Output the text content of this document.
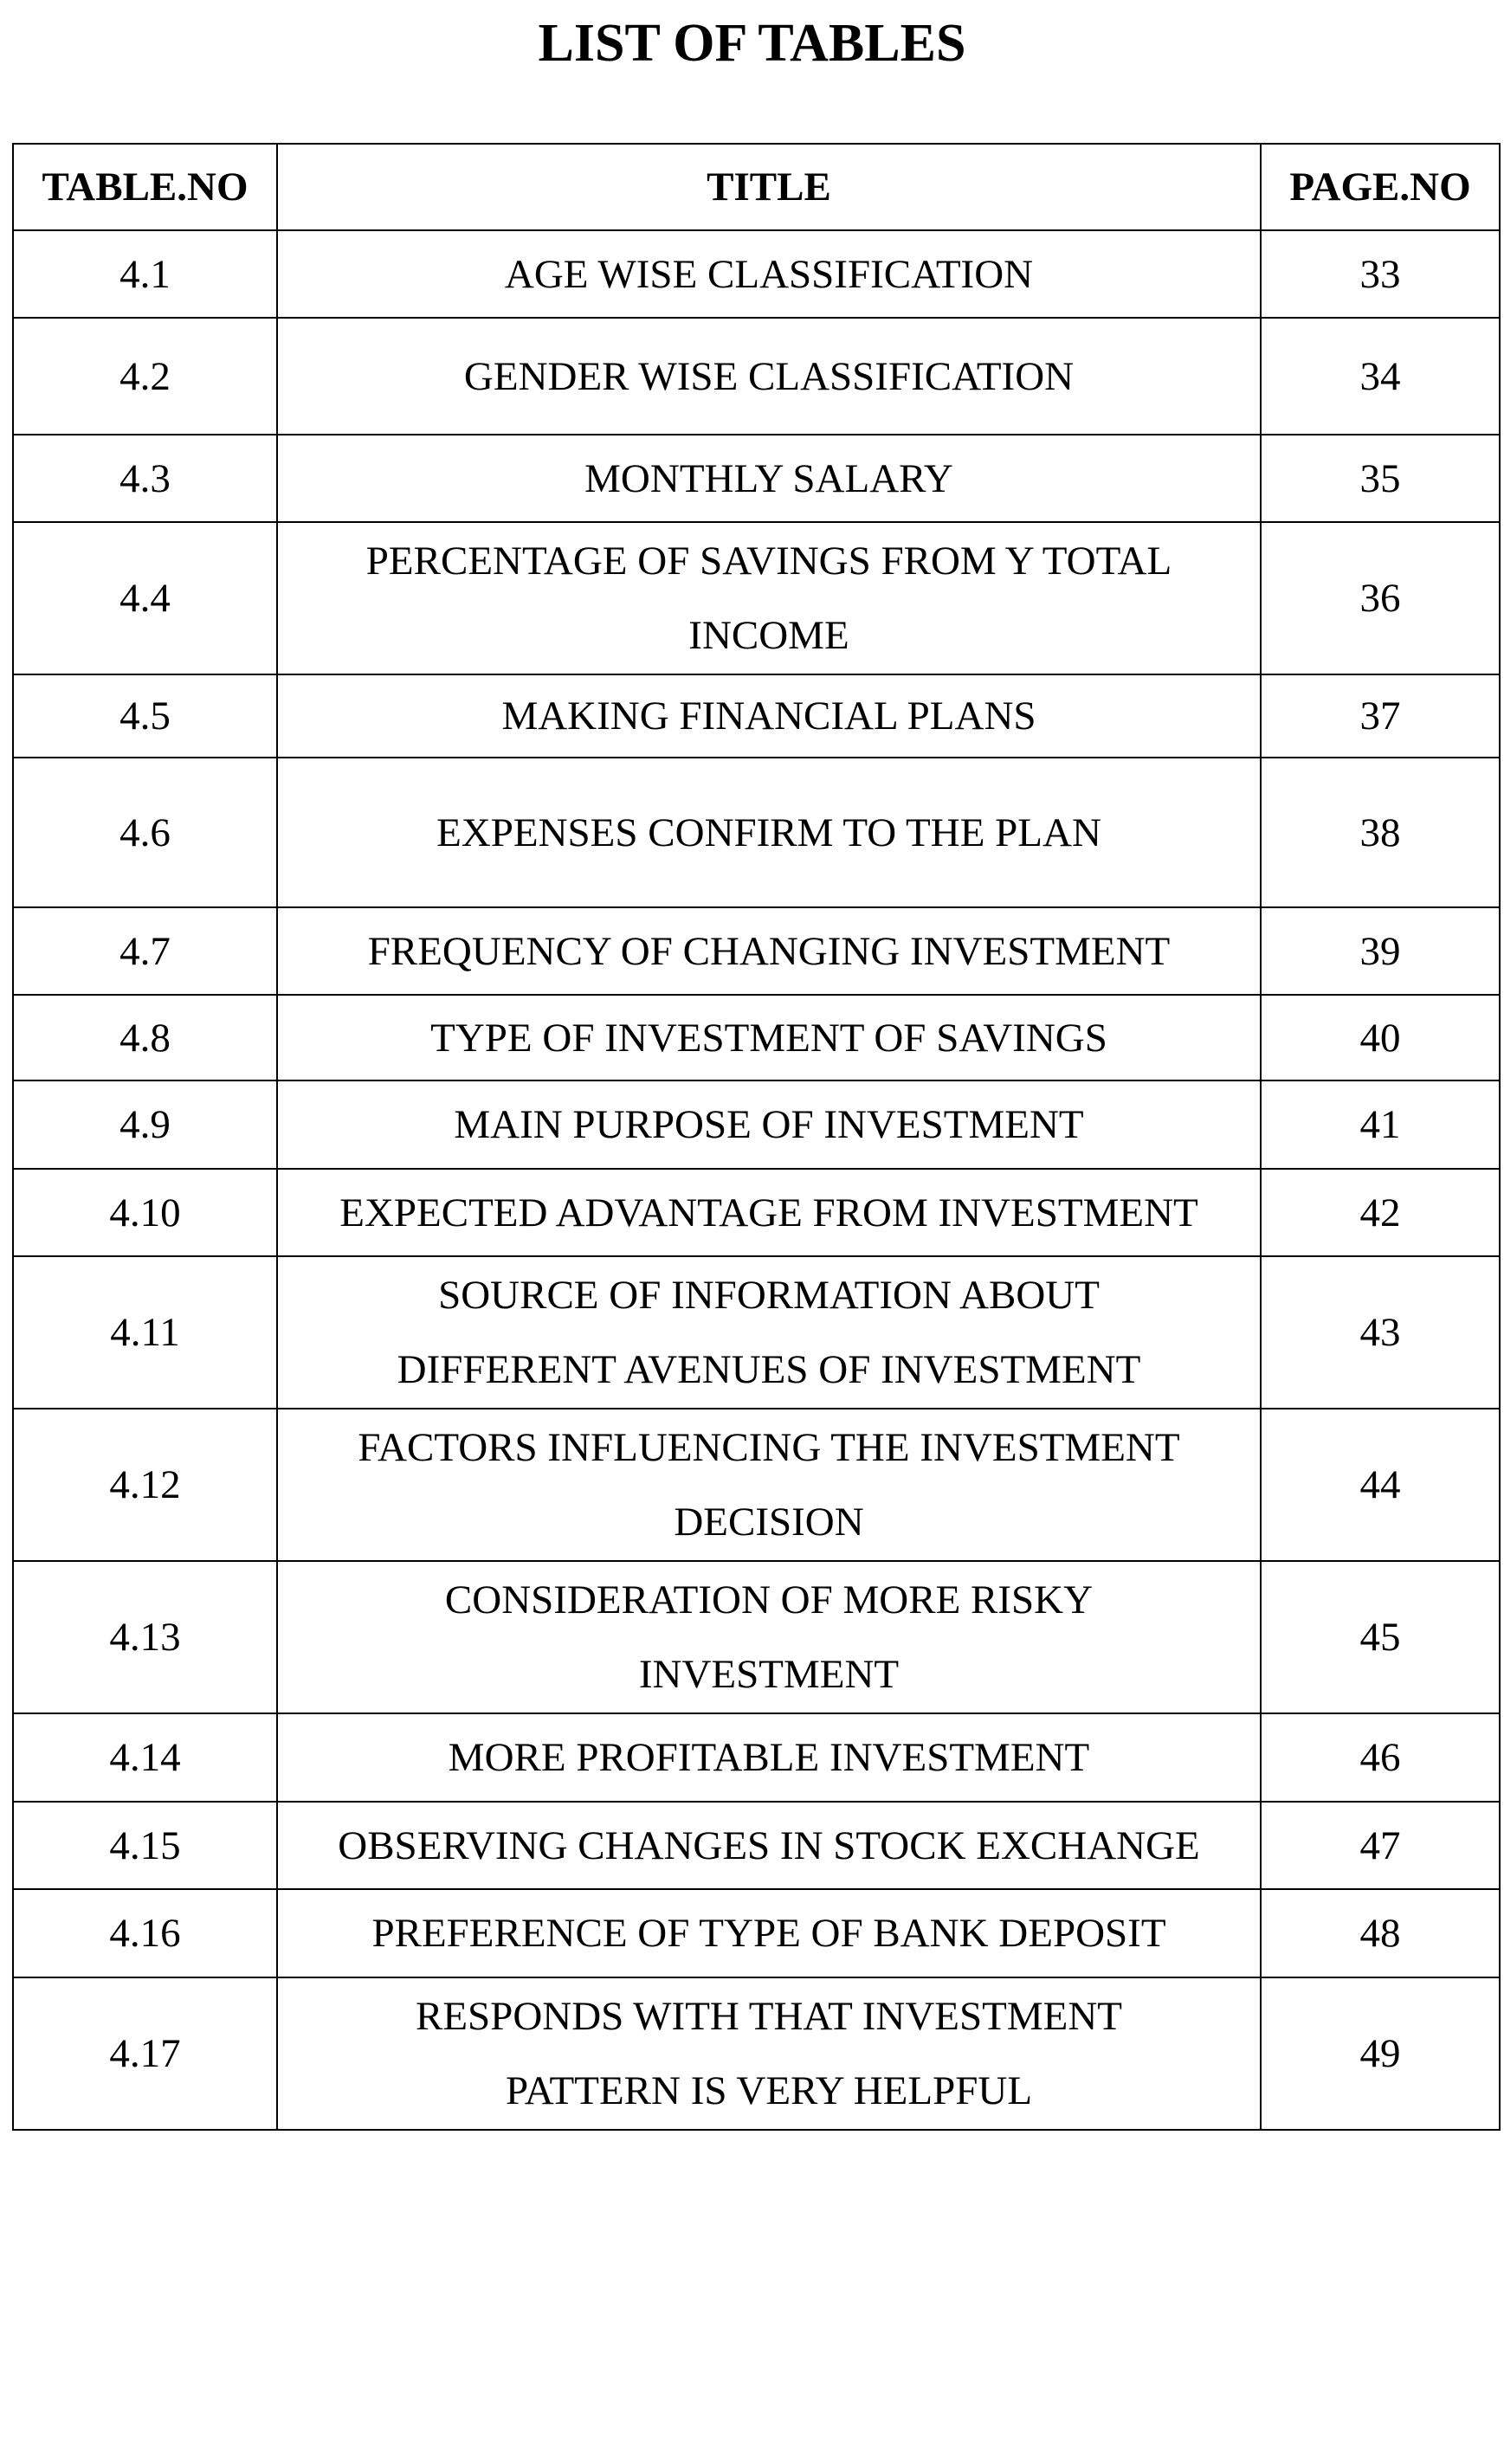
LIST OF TABLES
TABLE.NO	TITLE	PAGE.NO
4.1	AGE WISE CLASSIFICATION	33
4.2	GENDER WISE CLASSIFICATION	34
4.3	MONTHLY SALARY	35
4.4	PERCENTAGE OF SAVINGS FROM Y TOTAL
INCOME	36
4.5	MAKING FINANCIAL PLANS	37
4.6	EXPENSES CONFIRM TO THE PLAN	38
4.7	FREQUENCY OF CHANGING INVESTMENT	39
4.8	TYPE OF INVESTMENT OF SAVINGS	40
4.9	MAIN PURPOSE OF INVESTMENT	41
4.10	EXPECTED ADVANTAGE FROM INVESTMENT	42
4.11	SOURCE OF INFORMATION ABOUT
DIFFERENT AVENUES OF INVESTMENT	43
4.12	FACTORS INFLUENCING THE INVESTMENT
DECISION	44
4.13	CONSIDERATION OF MORE RISKY
INVESTMENT	45
4.14	MORE PROFITABLE INVESTMENT	46
4.15	OBSERVING CHANGES IN STOCK EXCHANGE	47
4.16	PREFERENCE OF TYPE OF BANK DEPOSIT	48
4.17	RESPONDS WITH THAT INVESTMENT
PATTERN IS VERY HELPFUL	49
